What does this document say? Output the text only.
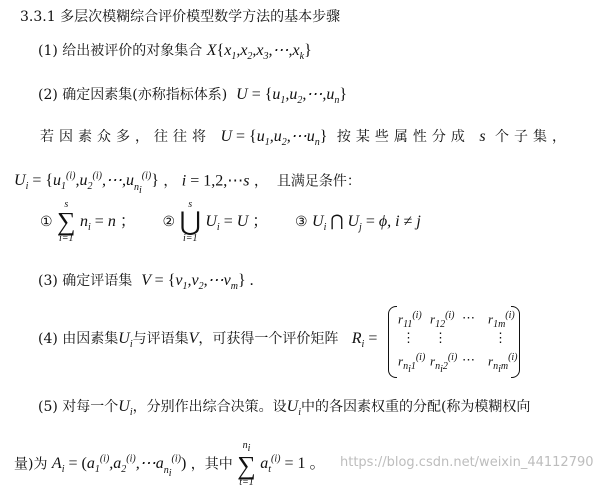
3.3.1 多层次模糊综合评价模型数学方法的基本步骤
(1) 给出被评价的对象集合 $X\{x_1,x_2,x_3,\cdots,x_k\}$
(2) 确定因素集(亦称指标体系) $U = \{u_1,u_2,\cdots,u_n\}$
若因素众多，往往将 $U = \{u_1,u_2,\cdots u_n\}$ 按某些属性分成 s 个子集，
$U_i$ = $\{u_1^{(i)},u_2^{(i)},\cdots,u_{n_i}^{(i)}\}$ ， i = 1,2,⋯s ，  且满足条件：
①
s
∑
i=1
$n_i = n$ ； ②
s
⋃
i=1
$U_i = U$ ； ③ $U_i$ ⋂ $U_j = \phi$, i ≠ j
(3) 确定评语集 $V = \{v_1,v_2,\cdots v_m\}$ .
(4) 由因素集$U_i$与评语集V，可获得一个评价矩阵 $R_i$ =
$r_{11}^{(i)}$ $r_{12}^{(i)}$ ⋯ $r_{1m}^{(i)}$
⋮ ⋮	⋮
$r_{n_i1}^{(i)}$ $r_{n_i2}^{(i)}$ ⋯ $r_{n_im}^{(i)}$
(5) 对每一个$U_i$，分别作出综合决策。设$U_i$中的各因素权重的分配(称为模糊权向
量)为 $A_i$ = $(a_1^{(i)},a_2^{(i)},\cdots a_{n_i}^{(i)})$ ，其中
$n_i$
∑
t=1
$a_t^{(i)} = 1$ 。 https://blog.csdn.net/weixin_44112790
